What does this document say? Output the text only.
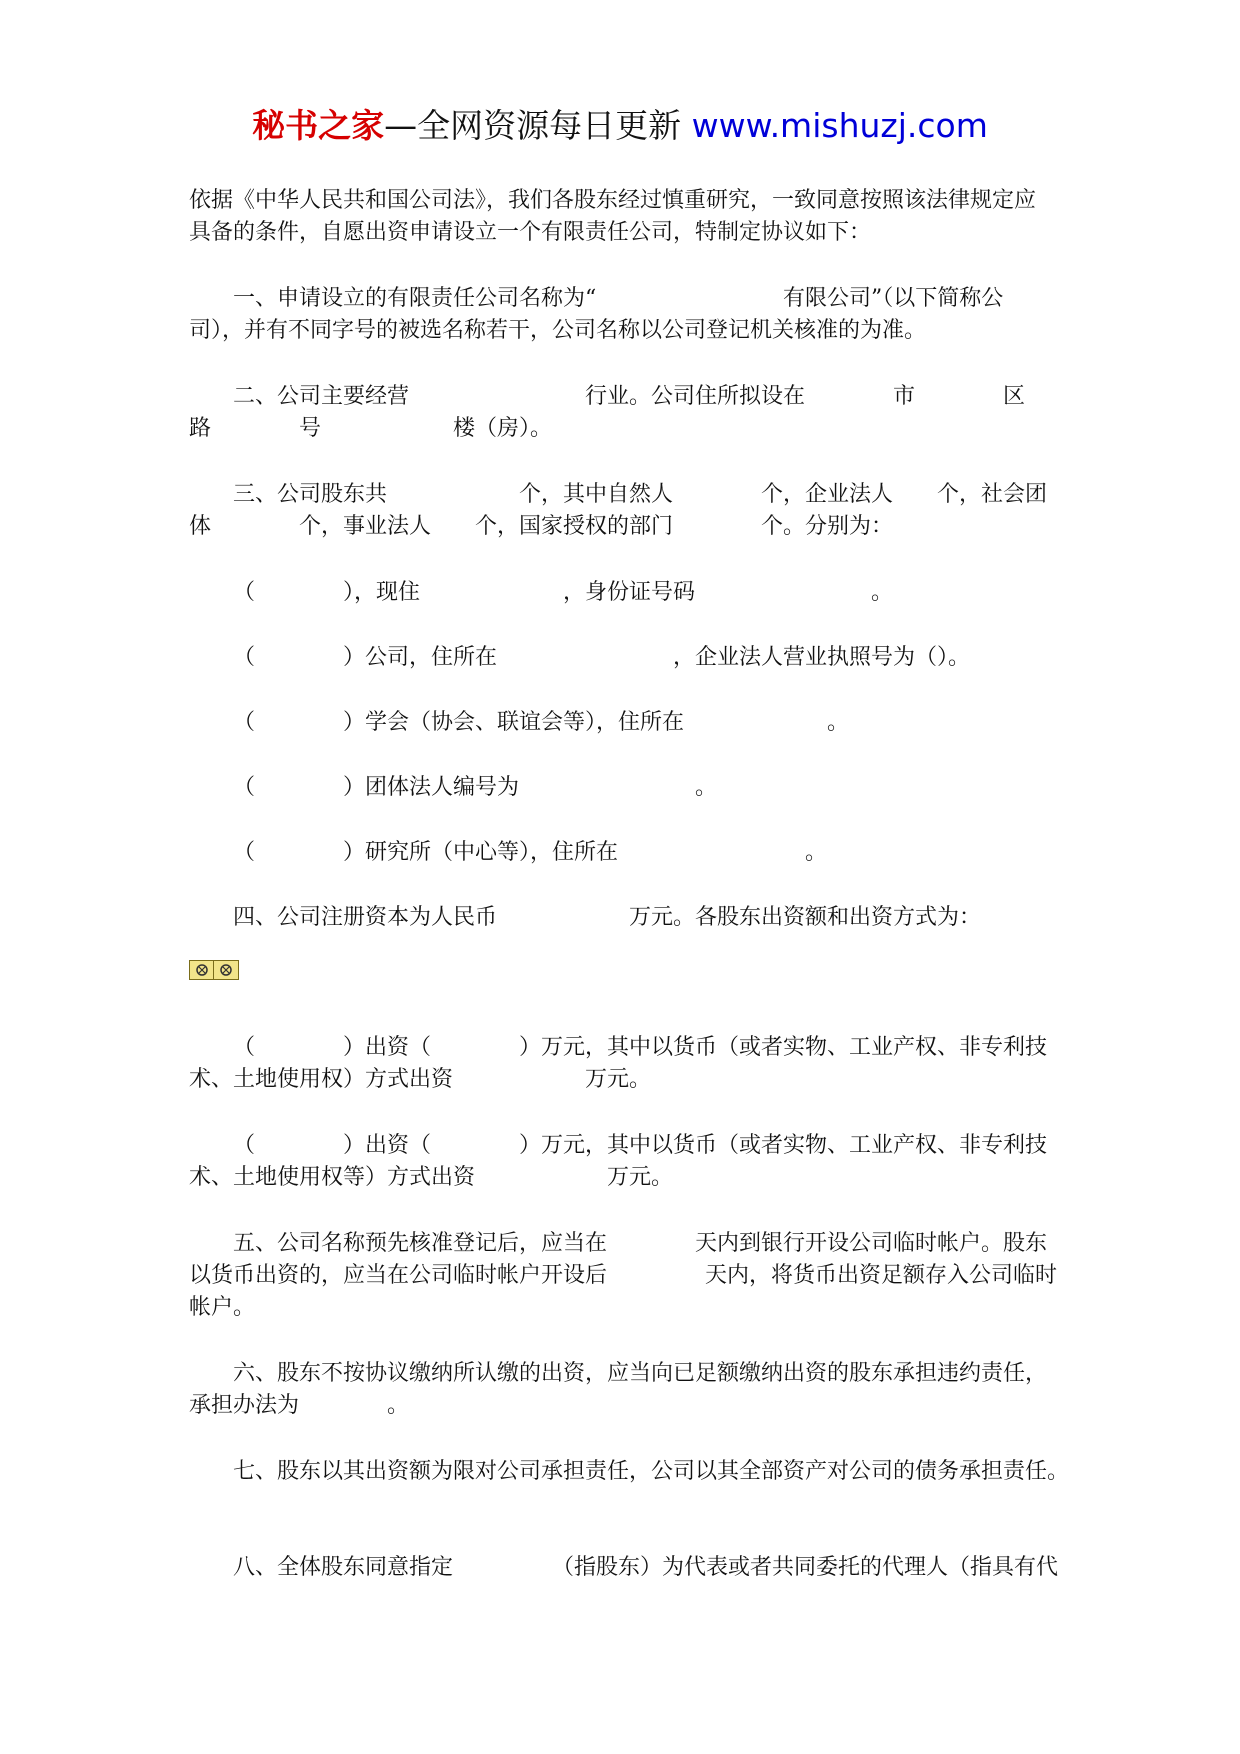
秘书之家—全网资源每日更新 www.mishuzj.com
依据《中华人民共和国公司法》，我们各股东经过慎重研究，一致同意按照该法律规定应
具备的条件，自愿出资申请设立一个有限责任公司，特制定协议如下：
一、申请设立的有限责任公司名称为“	有限公司”（以下简称公
司），并有不同字号的被选名称若干，公司名称以公司登记机关核准的为准。
二、公司主要经营	行业。公司住所拟设在	市	区
路	号	楼（房）。
三、公司股东共	个，其中自然人	个，企业法人 个，社会团
体	个，事业法人 个，国家授权的部门	个。分别为：
（	），现住	，身份证号码	。
（	）公司，住所在	，企业法人营业执照号为（）。
（	）学会（协会、联谊会等），住所在	。
（	）团体法人编号为	。
（	）研究所（中心等），住所在	。
四、公司注册资本为人民币	万元。各股东出资额和出资方式为：
（	）出资（	）万元，其中以货币（或者实物、工业产权、非专利技
术、土地使用权）方式出资	万元。
（	）出资（	）万元，其中以货币（或者实物、工业产权、非专利技
术、土地使用权等）方式出资	万元。
五、公司名称预先核准登记后，应当在	天内到银行开设公司临时帐户。股东
以货币出资的，应当在公司临时帐户开设后	天内，将货币出资足额存入公司临时
帐户。
六、股东不按协议缴纳所认缴的出资，应当向已足额缴纳出资的股东承担违约责任，
承担办法为	。
七、股东以其出资额为限对公司承担责任，公司以其全部资产对公司的债务承担责任。
八、全体股东同意指定	（指股东）为代表或者共同委托的代理人（指具有代
